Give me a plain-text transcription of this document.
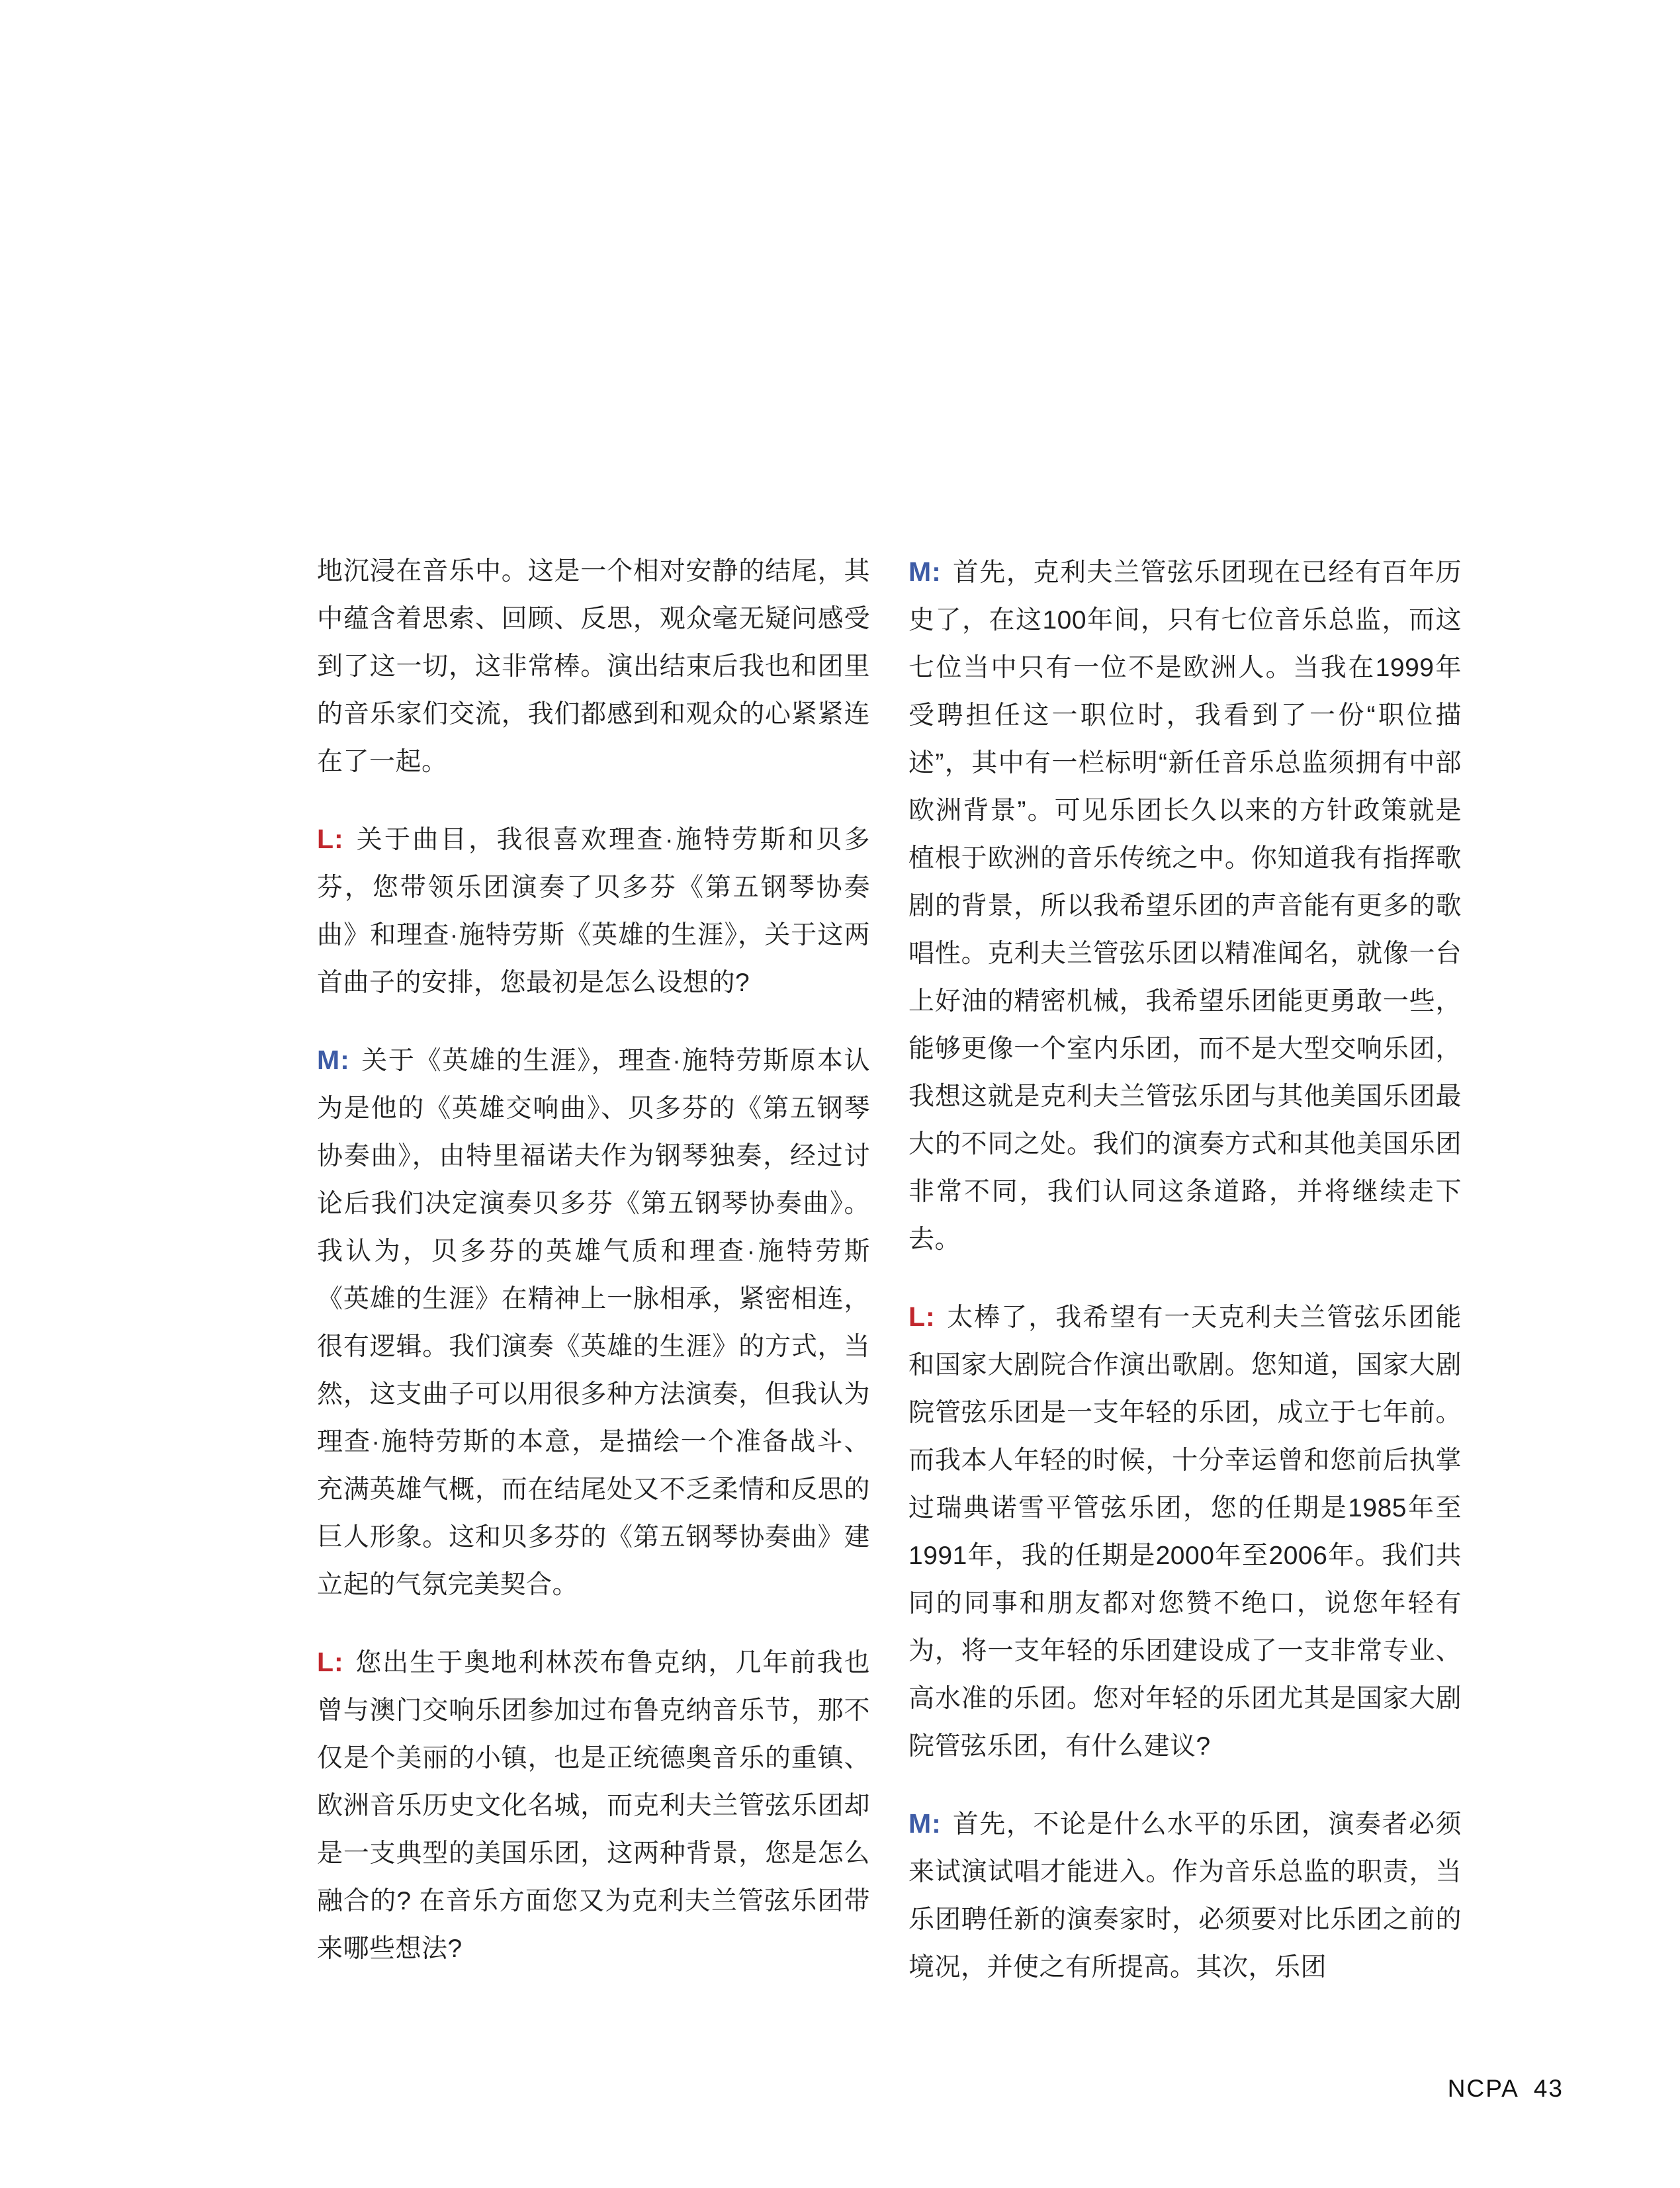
地沉浸在音乐中。这是一个相对安静的结尾，其中蕴含着思索、回顾、反思，观众毫无疑问感受到了这一切，这非常棒。演出结束后我也和团里的音乐家们交流，我们都感到和观众的心紧紧连在了一起。

L: 关于曲目，我很喜欢理查·施特劳斯和贝多芬，您带领乐团演奏了贝多芬《第五钢琴协奏曲》和理查·施特劳斯《英雄的生涯》，关于这两首曲子的安排，您最初是怎么设想的?

M: 关于《英雄的生涯》，理查·施特劳斯原本认为是他的《英雄交响曲》、贝多芬的《第五钢琴协奏曲》，由特里福诺夫作为钢琴独奏，经过讨论后我们决定演奏贝多芬《第五钢琴协奏曲》。我认为，贝多芬的英雄气质和理查·施特劳斯《英雄的生涯》在精神上一脉相承，紧密相连，很有逻辑。我们演奏《英雄的生涯》的方式，当然，这支曲子可以用很多种方法演奏，但我认为理查·施特劳斯的本意，是描绘一个准备战斗、充满英雄气概，而在结尾处又不乏柔情和反思的巨人形象。这和贝多芬的《第五钢琴协奏曲》建立起的气氛完美契合。

L: 您出生于奥地利林茨布鲁克纳，几年前我也曾与澳门交响乐团参加过布鲁克纳音乐节，那不仅是个美丽的小镇，也是正统德奥音乐的重镇、欧洲音乐历史文化名城，而克利夫兰管弦乐团却是一支典型的美国乐团，这两种背景，您是怎么融合的? 在音乐方面您又为克利夫兰管弦乐团带来哪些想法?

M: 首先，克利夫兰管弦乐团现在已经有百年历史了，在这100年间，只有七位音乐总监，而这七位当中只有一位不是欧洲人。当我在1999年受聘担任这一职位时，我看到了一份“职位描述”，其中有一栏标明“新任音乐总监须拥有中部欧洲背景”。可见乐团长久以来的方针政策就是植根于欧洲的音乐传统之中。你知道我有指挥歌剧的背景，所以我希望乐团的声音能有更多的歌唱性。克利夫兰管弦乐团以精准闻名，就像一台上好油的精密机械，我希望乐团能更勇敢一些，能够更像一个室内乐团，而不是大型交响乐团，我想这就是克利夫兰管弦乐团与其他美国乐团最大的不同之处。我们的演奏方式和其他美国乐团非常不同，我们认同这条道路，并将继续走下去。

L: 太棒了，我希望有一天克利夫兰管弦乐团能和国家大剧院合作演出歌剧。您知道，国家大剧院管弦乐团是一支年轻的乐团，成立于七年前。而我本人年轻的时候，十分幸运曾和您前后执掌过瑞典诺雪平管弦乐团，您的任期是1985年至1991年，我的任期是2000年至2006年。我们共同的同事和朋友都对您赞不绝口，说您年轻有为，将一支年轻的乐团建设成了一支非常专业、高水准的乐团。您对年轻的乐团尤其是国家大剧院管弦乐团，有什么建议?

M: 首先，不论是什么水平的乐团，演奏者必须来试演试唱才能进入。作为音乐总监的职责，当乐团聘任新的演奏家时，必须要对比乐团之前的境况，并使之有所提高。其次，乐团

NCPA 43
